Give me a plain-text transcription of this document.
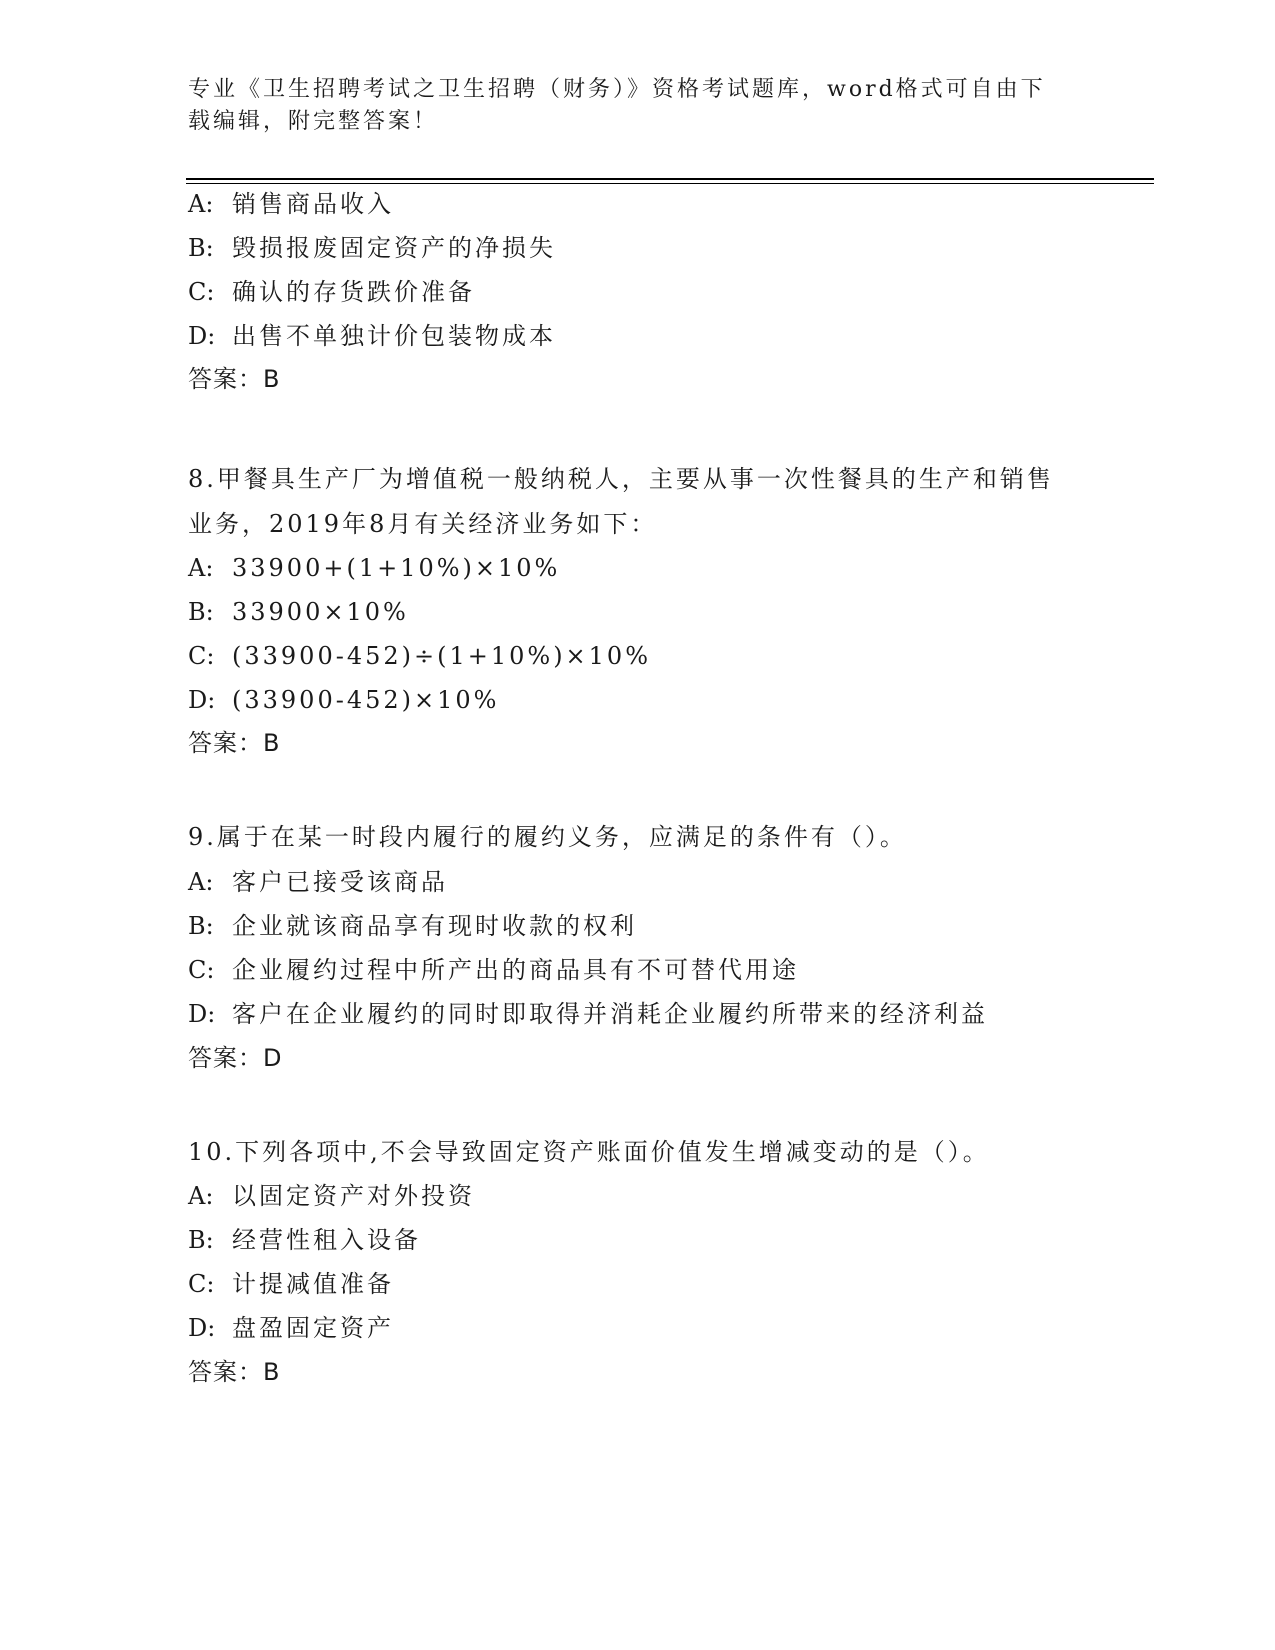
专业《卫生招聘考试之卫生招聘（财务）》资格考试题库，word格式可自由下载编辑，附完整答案！
A: 销售商品收入
B: 毁损报废固定资产的净损失
C: 确认的存货跌价准备
D: 出售不单独计价包装物成本
答案：B
8.甲餐具生产厂为增值税一般纳税人，主要从事一次性餐具的生产和销售业务，2019年8月有关经济业务如下：
A: 33900+(1+10%)×10%
B: 33900×10%
C: (33900-452)÷(1+10%)×10%
D: (33900-452)×10%
答案：B
9.属于在某一时段内履行的履约义务，应满足的条件有（）。
A: 客户已接受该商品
B: 企业就该商品享有现时收款的权利
C: 企业履约过程中所产出的商品具有不可替代用途
D: 客户在企业履约的同时即取得并消耗企业履约所带来的经济利益
答案：D
10.下列各项中,不会导致固定资产账面价值发生增减变动的是（）。
A: 以固定资产对外投资
B: 经营性租入设备
C: 计提减值准备
D: 盘盈固定资产
答案：B
